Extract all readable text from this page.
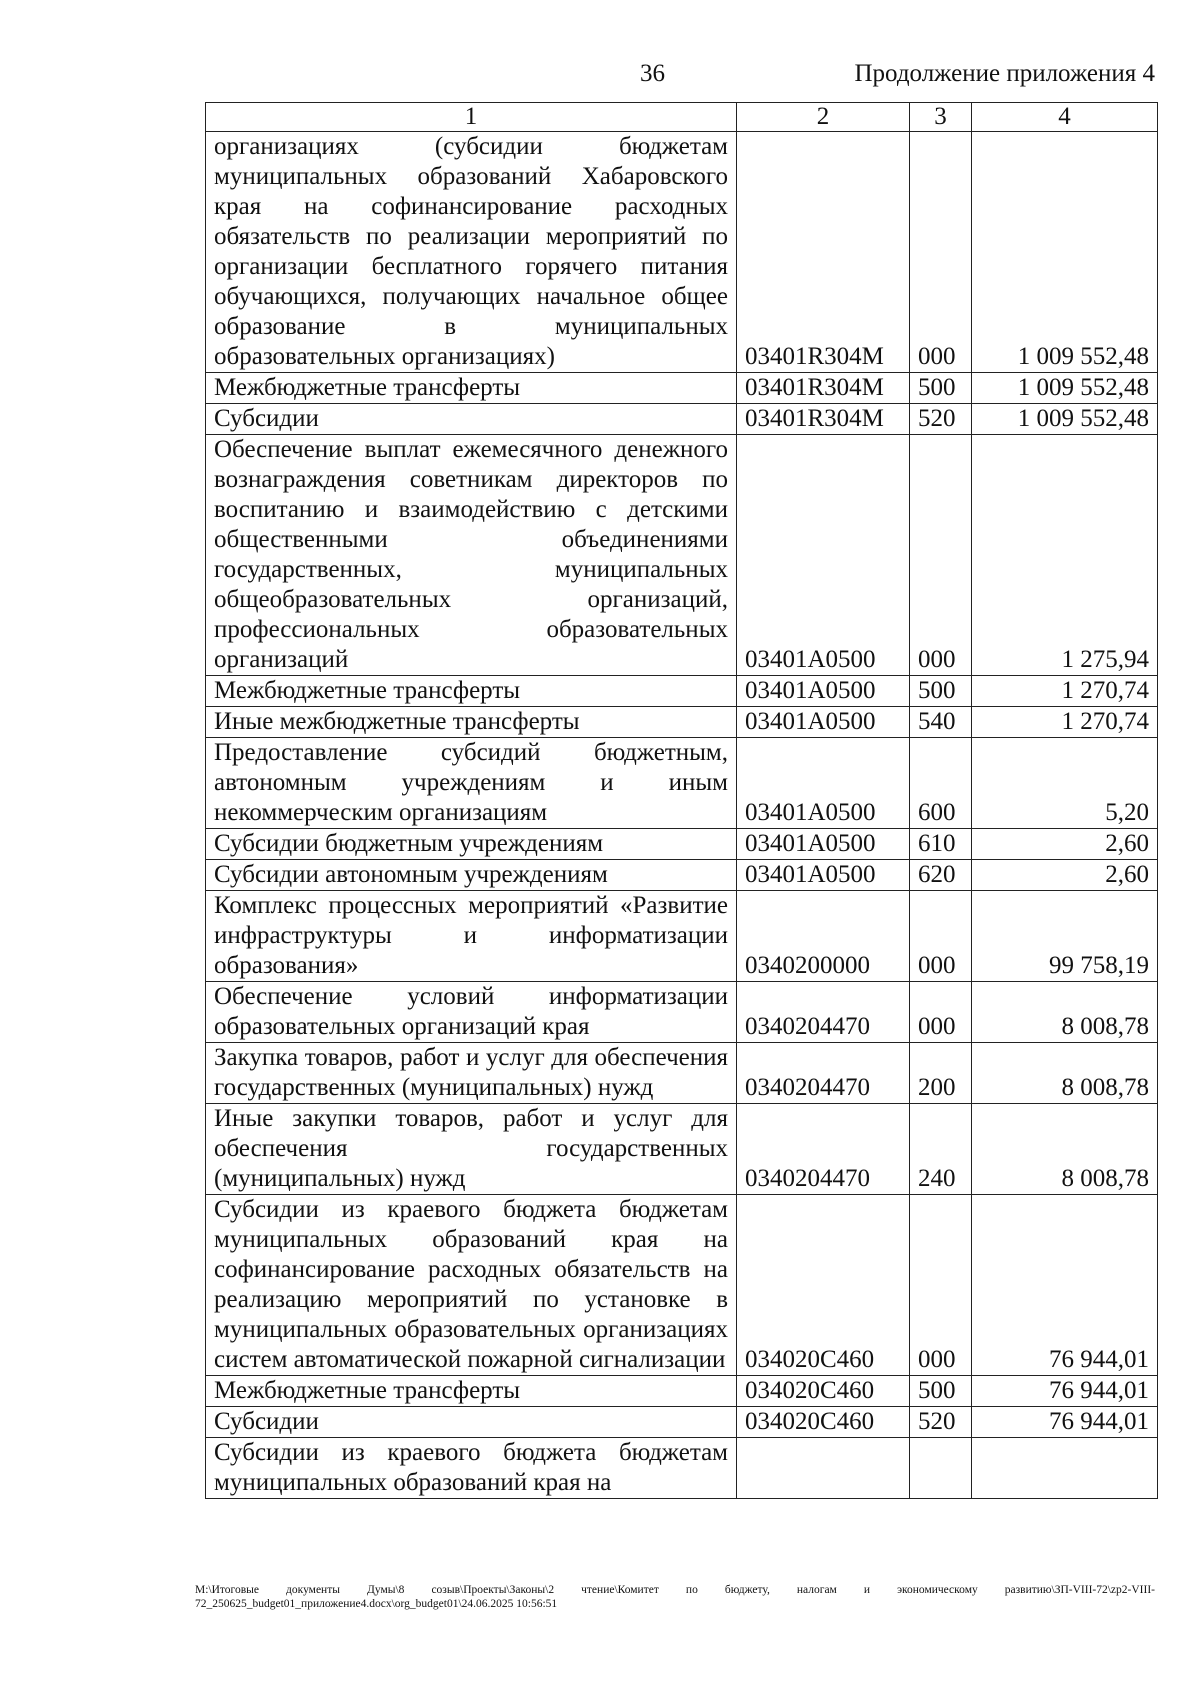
36	Продолжение приложения 4
1	2	3	4
организациях (субсидии бюджетам муниципальных образований Хабаровского края на софинансирование расходных обязательств по реализации мероприятий по организации бесплатного горячего питания обучающихся, получающих начальное общее образование в муниципальных образовательных организациях)	03401R304M	000	1 009 552,48
Межбюджетные трансферты	03401R304M	500	1 009 552,48
Субсидии	03401R304M	520	1 009 552,48
Обеспечение выплат ежемесячного денежного вознаграждения советникам директоров по воспитанию и взаимодействию с детскими общественными объединениями государственных, муниципальных общеобразовательных организаций, профессиональных образовательных организаций	03401A0500	000	1 275,94
Межбюджетные трансферты	03401A0500	500	1 270,74
Иные межбюджетные трансферты	03401A0500	540	1 270,74
Предоставление субсидий бюджетным, автономным учреждениям и иным некоммерческим организациям	03401A0500	600	5,20
Субсидии бюджетным учреждениям	03401A0500	610	2,60
Субсидии автономным учреждениям	03401A0500	620	2,60
Комплекс процессных мероприятий «Развитие инфраструктуры и информатизации образования»	0340200000	000	99 758,19
Обеспечение условий информатизации образовательных организаций края	0340204470	000	8 008,78
Закупка товаров, работ и услуг для обеспечения государственных (муниципальных) нужд	0340204470	200	8 008,78
Иные закупки товаров, работ и услуг для обеспечения государственных (муниципальных) нужд	0340204470	240	8 008,78
Субсидии из краевого бюджета бюджетам муниципальных образований края на софинансирование расходных обязательств на реализацию мероприятий по установке в муниципальных образовательных организациях систем автоматической пожарной сигнализации	034020С460	000	76 944,01
Межбюджетные трансферты	034020С460	500	76 944,01
Субсидии	034020С460	520	76 944,01
Субсидии из краевого бюджета бюджетам муниципальных образований края на			
M:\Итоговые документы Думы\8 созыв\Проекты\Законы\2 чтение\Комитет по бюджету, налогам и экономическому развитию\ЗП-VIII-72\zp2-VIII-72_250625_budget01_приложение4.docx\org_budget01\24.06.2025 10:56:51
